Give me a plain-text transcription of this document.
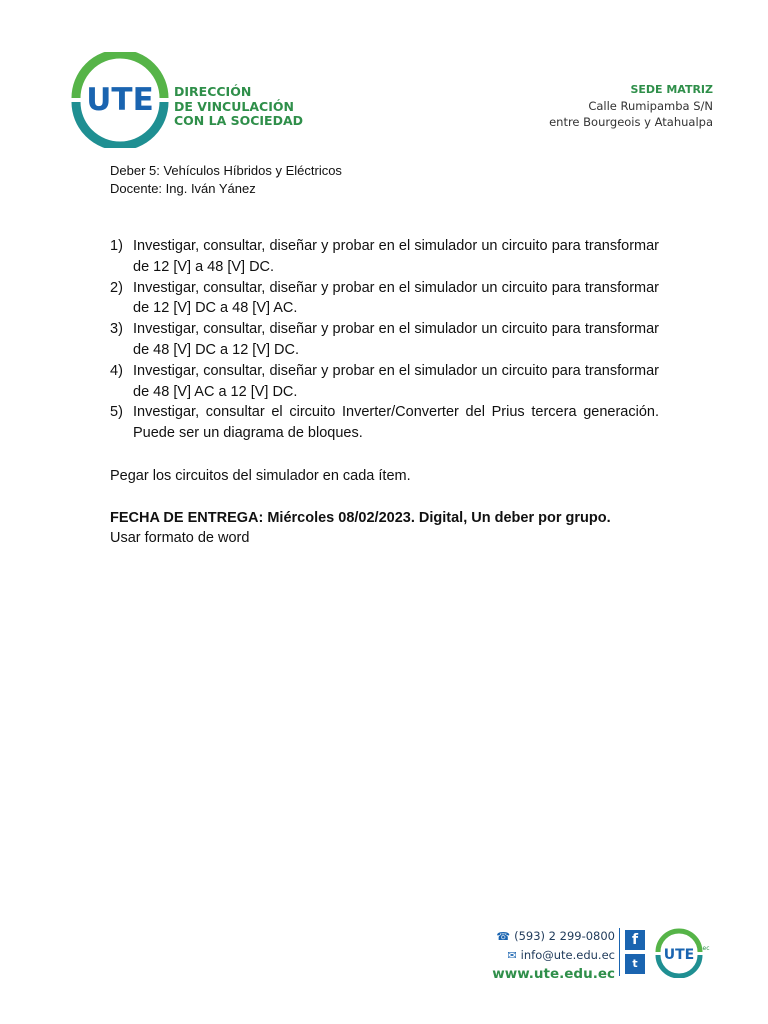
UTE DIRECCIÓN
DE VINCULACIÓN
CON LA SOCIEDAD
SEDE MATRIZ
Calle Rumipamba S/N
entre Bourgeois y Atahualpa
Deber 5: Vehículos Híbridos y Eléctricos
Docente: Ing. Iván Yánez
1) Investigar, consultar, diseñar y probar en el simulador un circuito para transformar de 12 [V] a 48 [V] DC.
2) Investigar, consultar, diseñar y probar en el simulador un circuito para transformar de 12 [V] DC a 48 [V] AC.
3) Investigar, consultar, diseñar y probar en el simulador un circuito para transformar de 48 [V] DC a 12 [V] DC.
4) Investigar, consultar, diseñar y probar en el simulador un circuito para transformar de 48 [V] AC a 12 [V] DC.
5) Investigar, consultar el circuito Inverter/Converter del Prius tercera generación. Puede ser un diagrama de bloques.
Pegar los circuitos del simulador en cada ítem.
FECHA DE ENTREGA: Miércoles 08/02/2023. Digital, Un deber por grupo.
Usar formato de word
☎ (593) 2 299-0800
✉ info@ute.edu.ec
www.ute.edu.ec
f
t
UTE ec
